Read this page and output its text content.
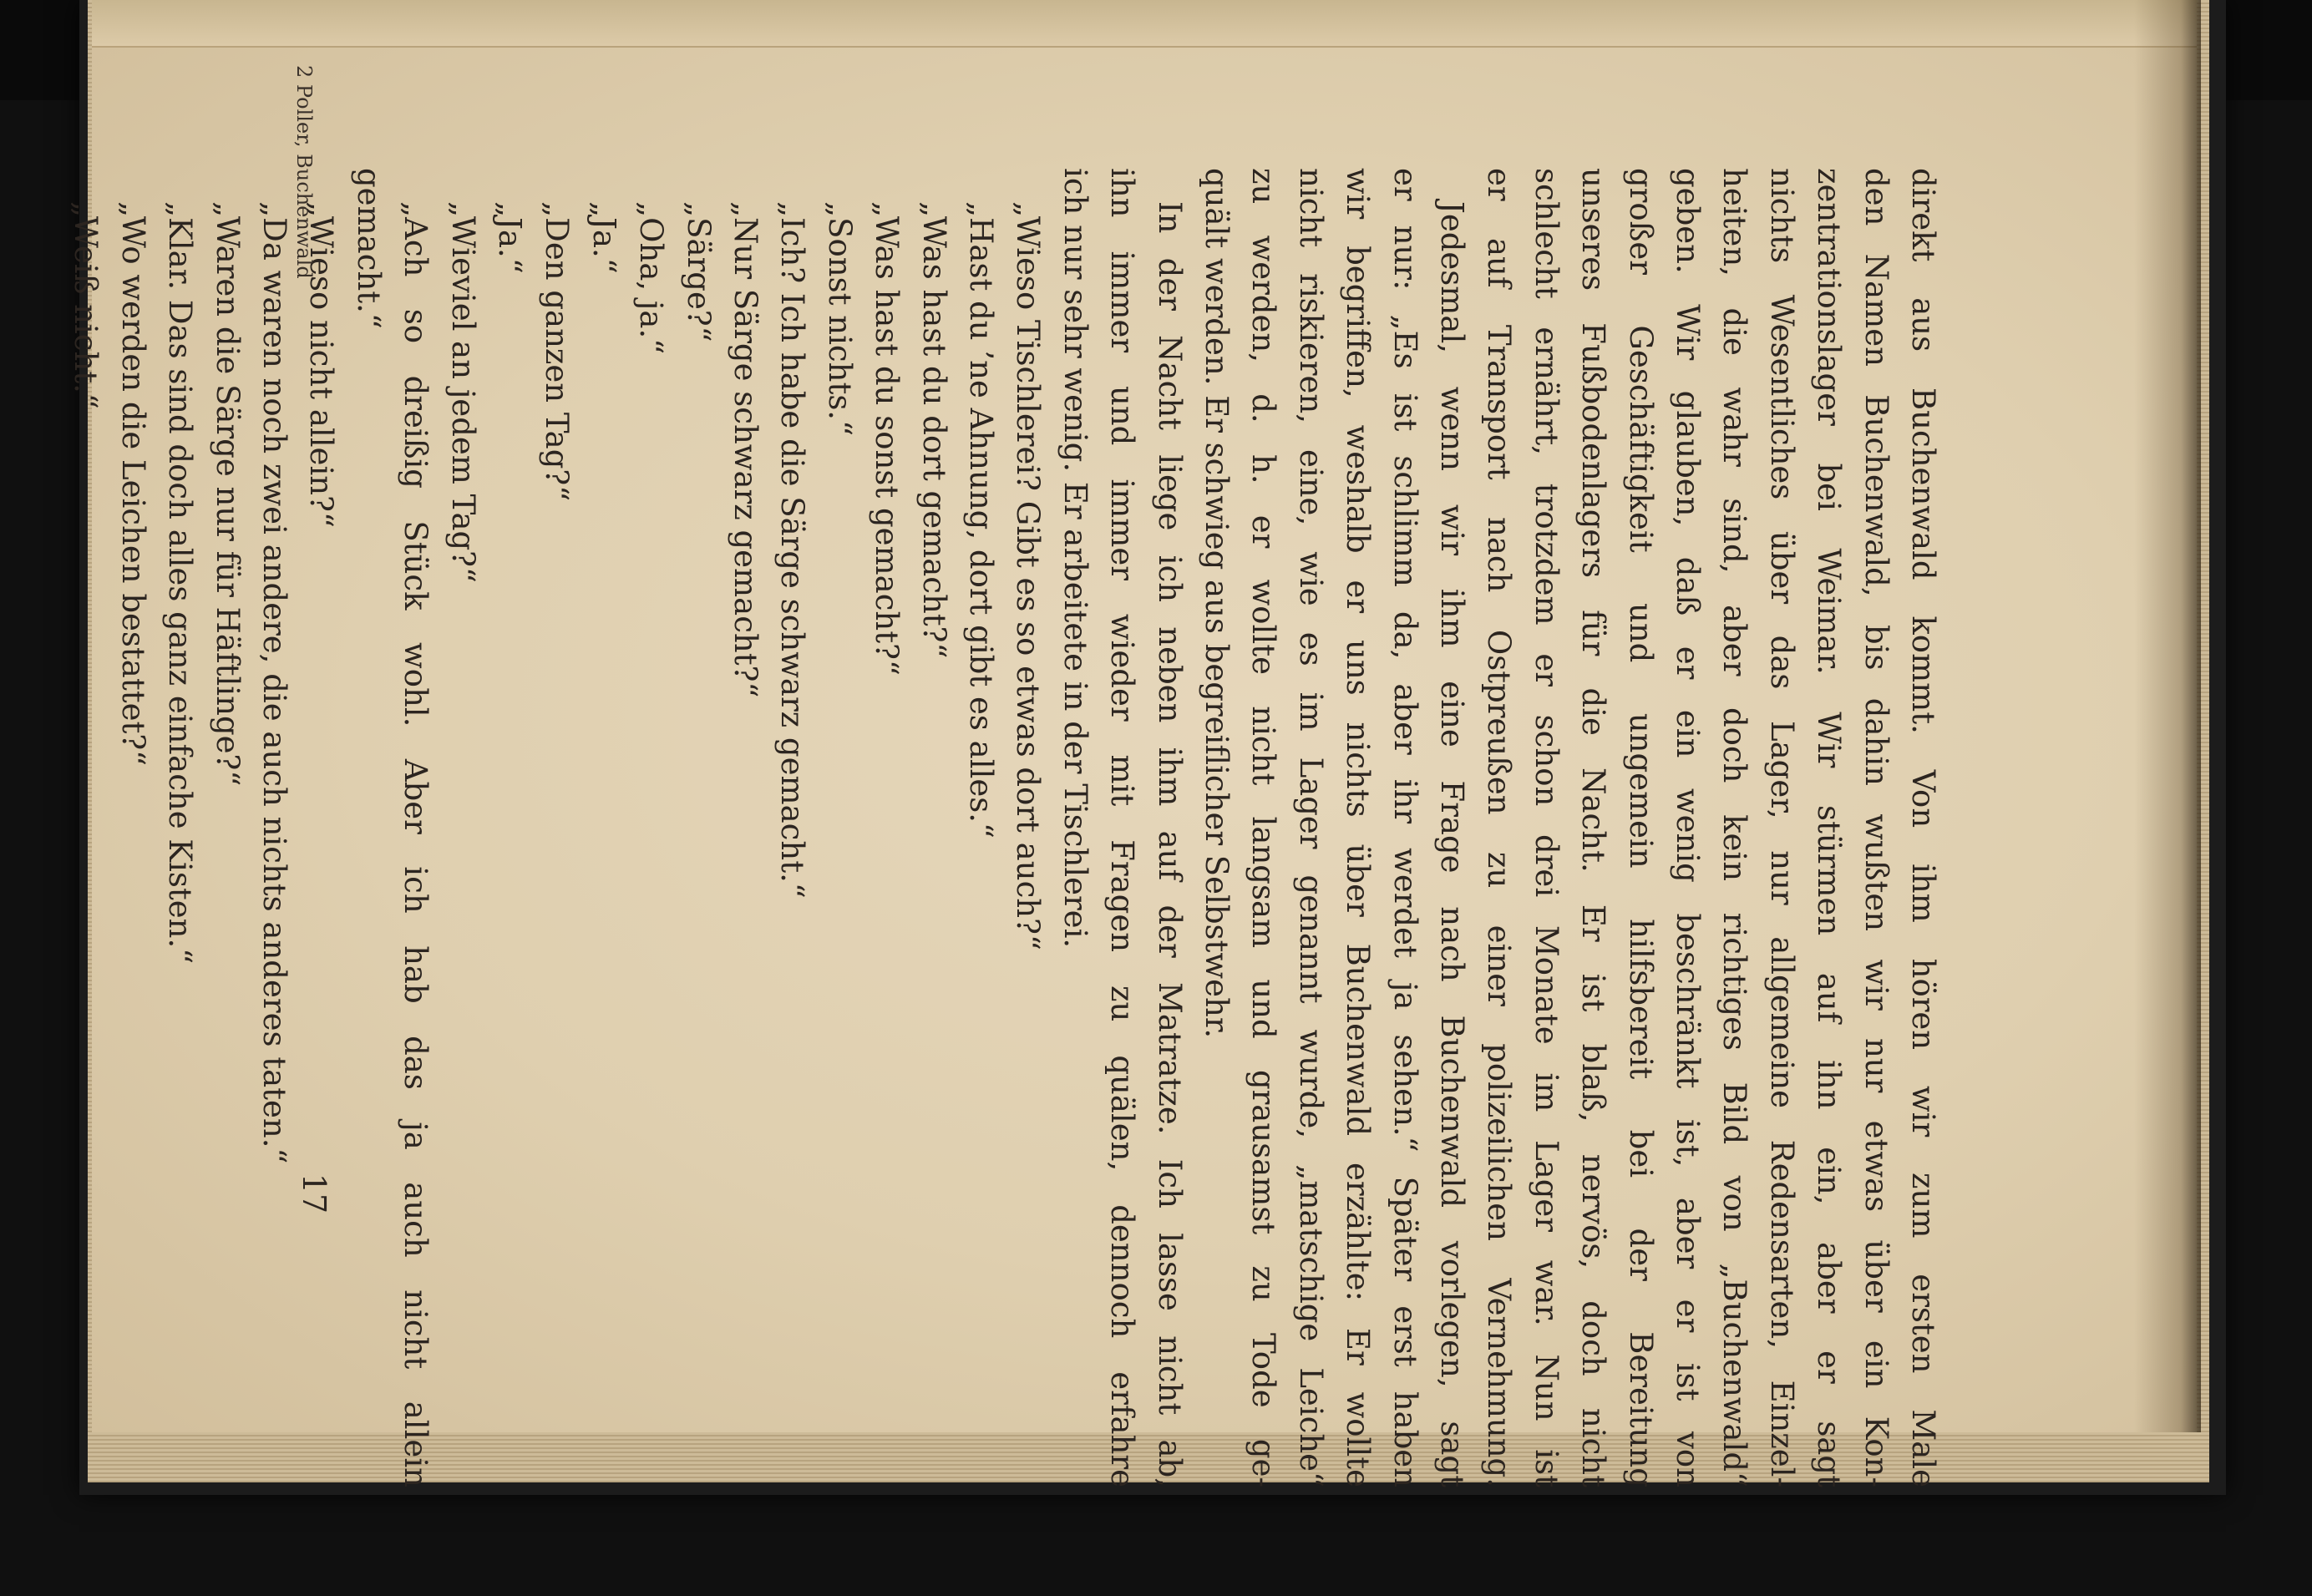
direkt aus Buchenwald kommt. Von ihm hören wir zum ersten Male
den Namen Buchenwald, bis dahin wußten wir nur etwas über ein Kon-
zentrationslager bei Weimar. Wir stürmen auf ihn ein, aber er sagt
nichts Wesentliches über das Lager, nur allgemeine Redensarten, Einzel-
heiten, die wahr sind, aber doch kein richtiges Bild von „Buchenwald“
geben. Wir glauben, daß er ein wenig beschränkt ist, aber er ist von
großer Geschäftigkeit und ungemein hilfsbereit bei der Bereitung
unseres Fußbodenlagers für die Nacht. Er ist blaß, nervös, doch nicht
schlecht ernährt, trotzdem er schon drei Monate im Lager war. Nun ist
er auf Transport nach Ostpreußen zu einer polizeilichen Vernehmung.
Jedesmal, wenn wir ihm eine Frage nach Buchenwald vorlegen, sagt
er nur: „Es ist schlimm da, aber ihr werdet ja sehen.“ Später erst haben
wir begriffen, weshalb er uns nichts über Buchenwald erzählte: Er wollte
nicht riskieren, eine, wie es im Lager genannt wurde, „matschige Leiche“
zu werden, d. h. er wollte nicht langsam und grausamst zu Tode ge-
quält werden. Er schwieg aus begreiflicher Selbstwehr.
In der Nacht liege ich neben ihm auf der Matratze. Ich lasse nicht ab,
ihn immer und immer wieder mit Fragen zu quälen, dennoch erfahre
ich nur sehr wenig. Er arbeitete in der Tischlerei.
„Wieso Tischlerei? Gibt es so etwas dort auch?“
„Hast du ’ne Ahnung, dort gibt es alles.“
„Was hast du dort gemacht?“
„Was hast du sonst gemacht?“
„Sonst nichts.“
„Ich? Ich habe die Särge schwarz gemacht.“
„Nur Särge schwarz gemacht?“
„Särge?“
„Oha, ja.“
„Ja.“
„Den ganzen Tag?“
„Ja.“
„Wieviel an jedem Tag?“
„Ach so dreißig Stück wohl. Aber ich hab das ja auch nicht allein
gemacht.“
„Wieso nicht allein?“
„Da waren noch zwei andere, die auch nichts anderes taten.“
„Waren die Särge nur für Häftlinge?“
„Klar. Das sind doch alles ganz einfache Kisten.“
„Wo werden die Leichen bestattet?“
„Weiß nicht.“
17
2 Poller, Buchenwald
